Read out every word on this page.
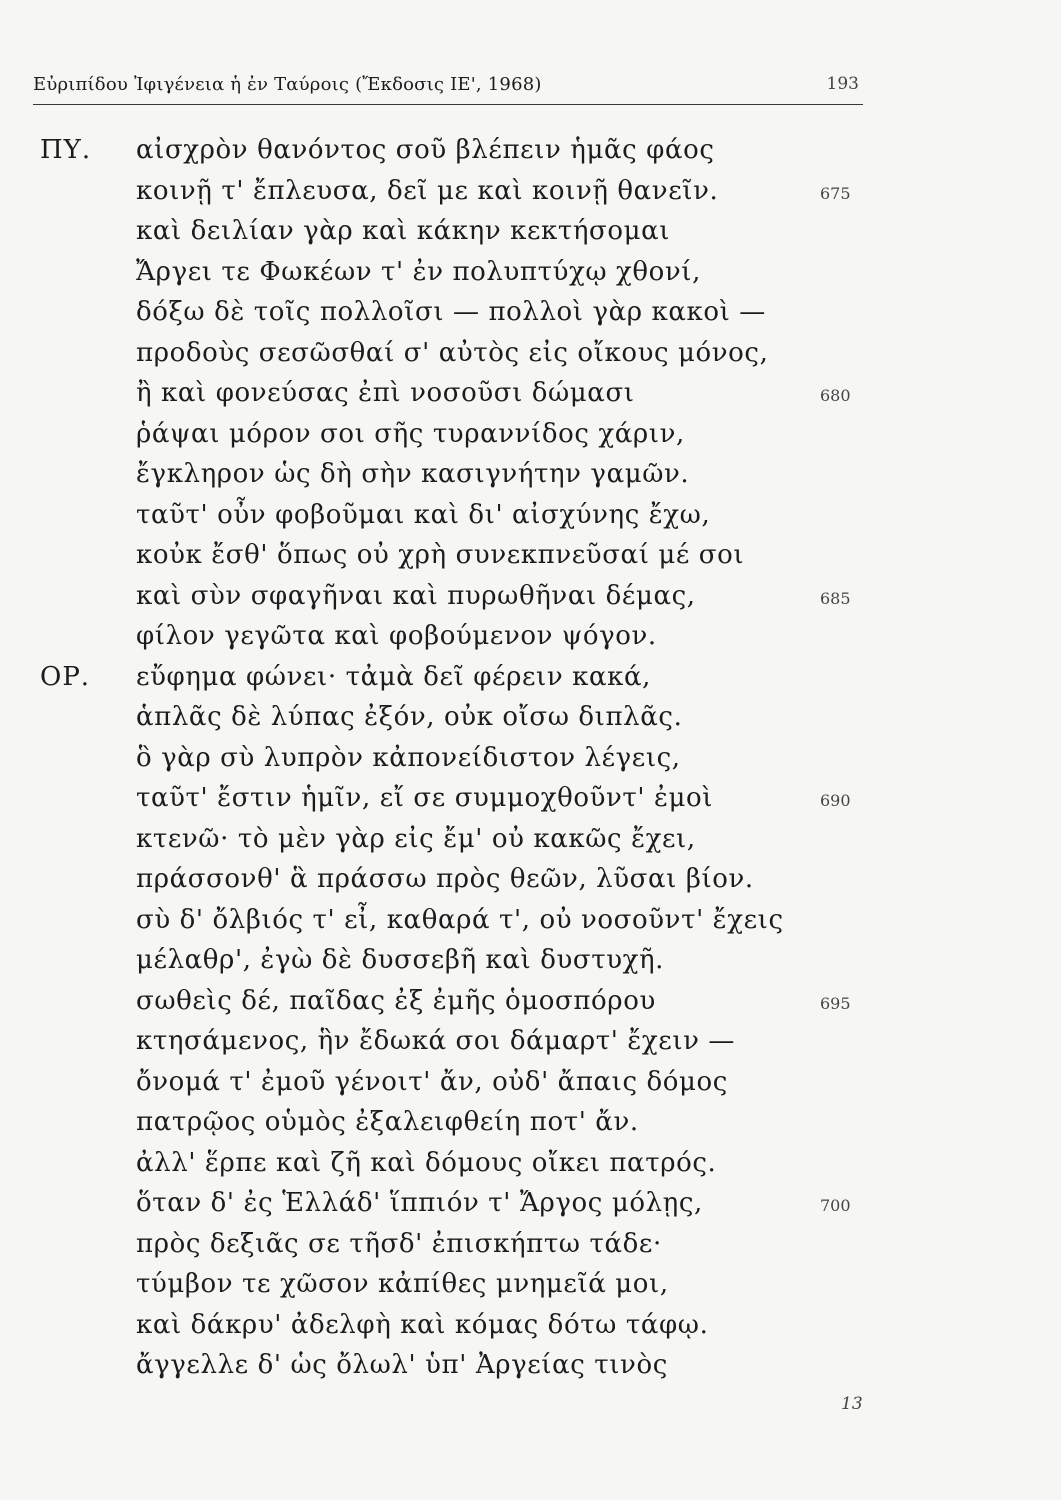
Εὐριπίδου Ἰφιγένεια ἡ ἐν Ταύροις (Ἔκδοσις ΙΕ', 1968)	193
ΠΥ. αἰσχρὸν θανόντος σοῦ βλέπειν ἡμᾶς φάος
κοινῇ τ' ἔπλευσα, δεῖ με καὶ κοινῇ θανεῖν.	675
καὶ δειλίαν γὰρ καὶ κάκην κεκτήσομαι
Ἄργει τε Φωκέων τ' ἐν πολυπτύχῳ χθονί,
δόξω δὲ τοῖς πολλοῖσι — πολλοὶ γὰρ κακοὶ —
προδοὺς σεσῶσθαί σ' αὐτὸς εἰς οἴκους μόνος,
ἢ καὶ φονεύσας ἐπὶ νοσοῦσι δώμασι	680
ῥάψαι μόρον σοι σῆς τυραννίδος χάριν,
ἔγκληρον ὡς δὴ σὴν κασιγνήτην γαμῶν.
ταῦτ' οὖν φοβοῦμαι καὶ δι' αἰσχύνης ἔχω,
κοὐκ ἔσθ' ὅπως οὐ χρὴ συνεκπνεῦσαί μέ σοι
καὶ σὺν σφαγῆναι καὶ πυρωθῆναι δέμας,	685
φίλον γεγῶτα καὶ φοβούμενον ψόγον.
ΟΡ. εὔφημα φώνει· τἀμὰ δεῖ φέρειν κακά,
ἁπλᾶς δὲ λύπας ἐξόν, οὐκ οἴσω διπλᾶς.
ὃ γὰρ σὺ λυπρὸν κἀπονείδιστον λέγεις,
ταῦτ' ἔστιν ἡμῖν, εἴ σε συμμοχθοῦντ' ἐμοὶ	690
κτενῶ· τὸ μὲν γὰρ εἰς ἔμ' οὐ κακῶς ἔχει,
πράσσονθ' ἃ πράσσω πρὸς θεῶν, λῦσαι βίον.
σὺ δ' ὄλβιός τ' εἶ, καθαρά τ', οὐ νοσοῦντ' ἔχεις
μέλαθρ', ἐγὼ δὲ δυσσεβῆ καὶ δυστυχῆ.
σωθεὶς δέ, παῖδας ἐξ ἐμῆς ὁμοσπόρου	695
κτησάμενος, ἣν ἔδωκά σοι δάμαρτ' ἔχειν —
ὄνομά τ' ἐμοῦ γένοιτ' ἄν, οὐδ' ἄπαις δόμος
πατρῷος οὑμὸς ἐξαλειφθείη ποτ' ἄν.
ἀλλ' ἕρπε καὶ ζῆ καὶ δόμους οἴκει πατρός.
ὅταν δ' ἐς Ἑλλάδ' ἵππιόν τ' Ἄργος μόλῃς,	700
πρὸς δεξιᾶς σε τῆσδ' ἐπισκήπτω τάδε·
τύμβον τε χῶσον κἀπίθες μνημεῖά μοι,
καὶ δάκρυ' ἀδελφὴ καὶ κόμας δότω τάφῳ.
ἄγγελλε δ' ὡς ὄλωλ' ὑπ' Ἀργείας τινὸς
13
